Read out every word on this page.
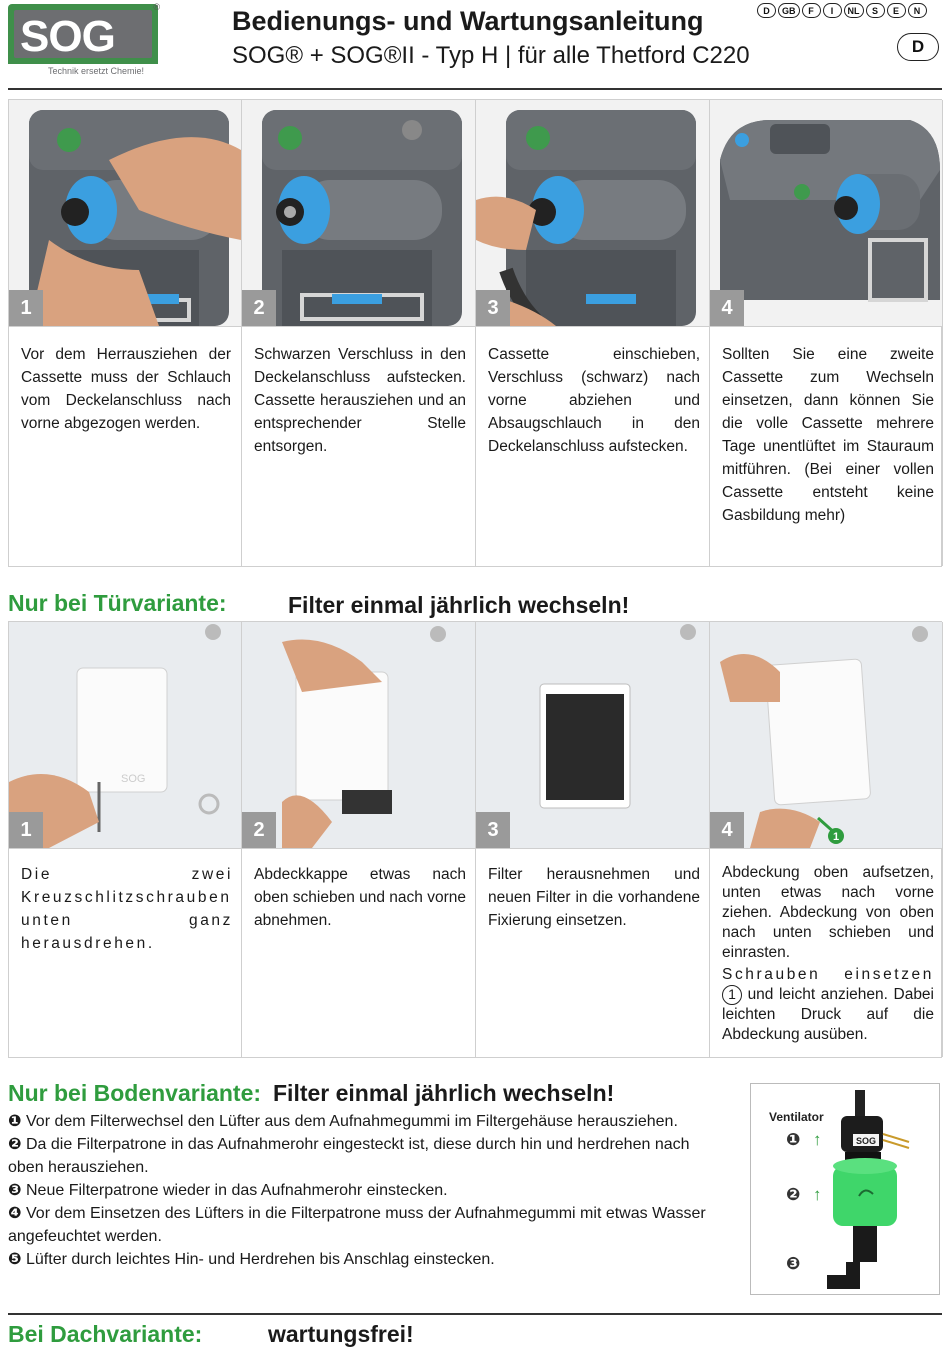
SOG
®
Technik ersetzt Chemie!
Bedienungs- und Wartungsanleitung
SOG® + SOG®II - Typ H | für alle Thetford C220
D	GB	F	I	NL	S	E	N
D
1
Vor dem Herrausziehen der Cassette muss der Schlauch vom Deckelanschluss nach vorne abgezogen werden.
2
Schwarzen Verschluss in den Deckelanschluss aufstecken. Cassette herausziehen und an entsprechender Stelle entsorgen.
3
Cassette einschieben, Verschluss (schwarz) nach vorne abziehen und Absaugschlauch in den Deckelanschluss aufstecken.
4
Sollten Sie eine zweite Cassette zum Wechseln einsetzen, dann können Sie die volle Cassette mehrere Tage unentlüftet im Stauraum mitführen. (Bei einer vollen Cassette entsteht keine Gasbildung mehr)
Nur bei Türvariante:	Filter einmal jährlich wechseln!
SOG
1
Die zwei Kreuzschlitzschrauben unten ganz herausdrehen.
2
Abdeckkappe etwas nach oben schieben und nach vorne abnehmen.
3
Filter herausnehmen und neuen Filter in die vorhandene Fixierung einsetzen.
1
4
Abdeckung oben aufsetzen, unten etwas nach vorne ziehen. Abdeckung von oben nach unten schieben und einrasten.
Schrauben einsetzen 1 und leicht anziehen. Dabei leichten Druck auf die Abdeckung ausüben.
Nur bei Bodenvariante: Filter einmal jährlich wechseln!

❶ Vor dem Filterwechsel den Lüfter aus dem Aufnahmegummi im Filtergehäuse herausziehen.

❷ Da die Filterpatrone in das Aufnahmerohr eingesteckt ist, diese durch hin und herdrehen nach oben herausziehen.

❸ Neue Filterpatrone wieder in das Aufnahmerohr einstecken.

❹ Vor dem Einsetzen des Lüfters in die Filterpatrone muss der Aufnahmegummi mit etwas Wasser angefeuchtet werden.

❺ Lüfter durch leichtes Hin- und Herdrehen bis Anschlag einstecken.

Ventilator
SOG
❶ ↑
❷ ↑
❸
Bei Dachvariante:	wartungsfrei!
